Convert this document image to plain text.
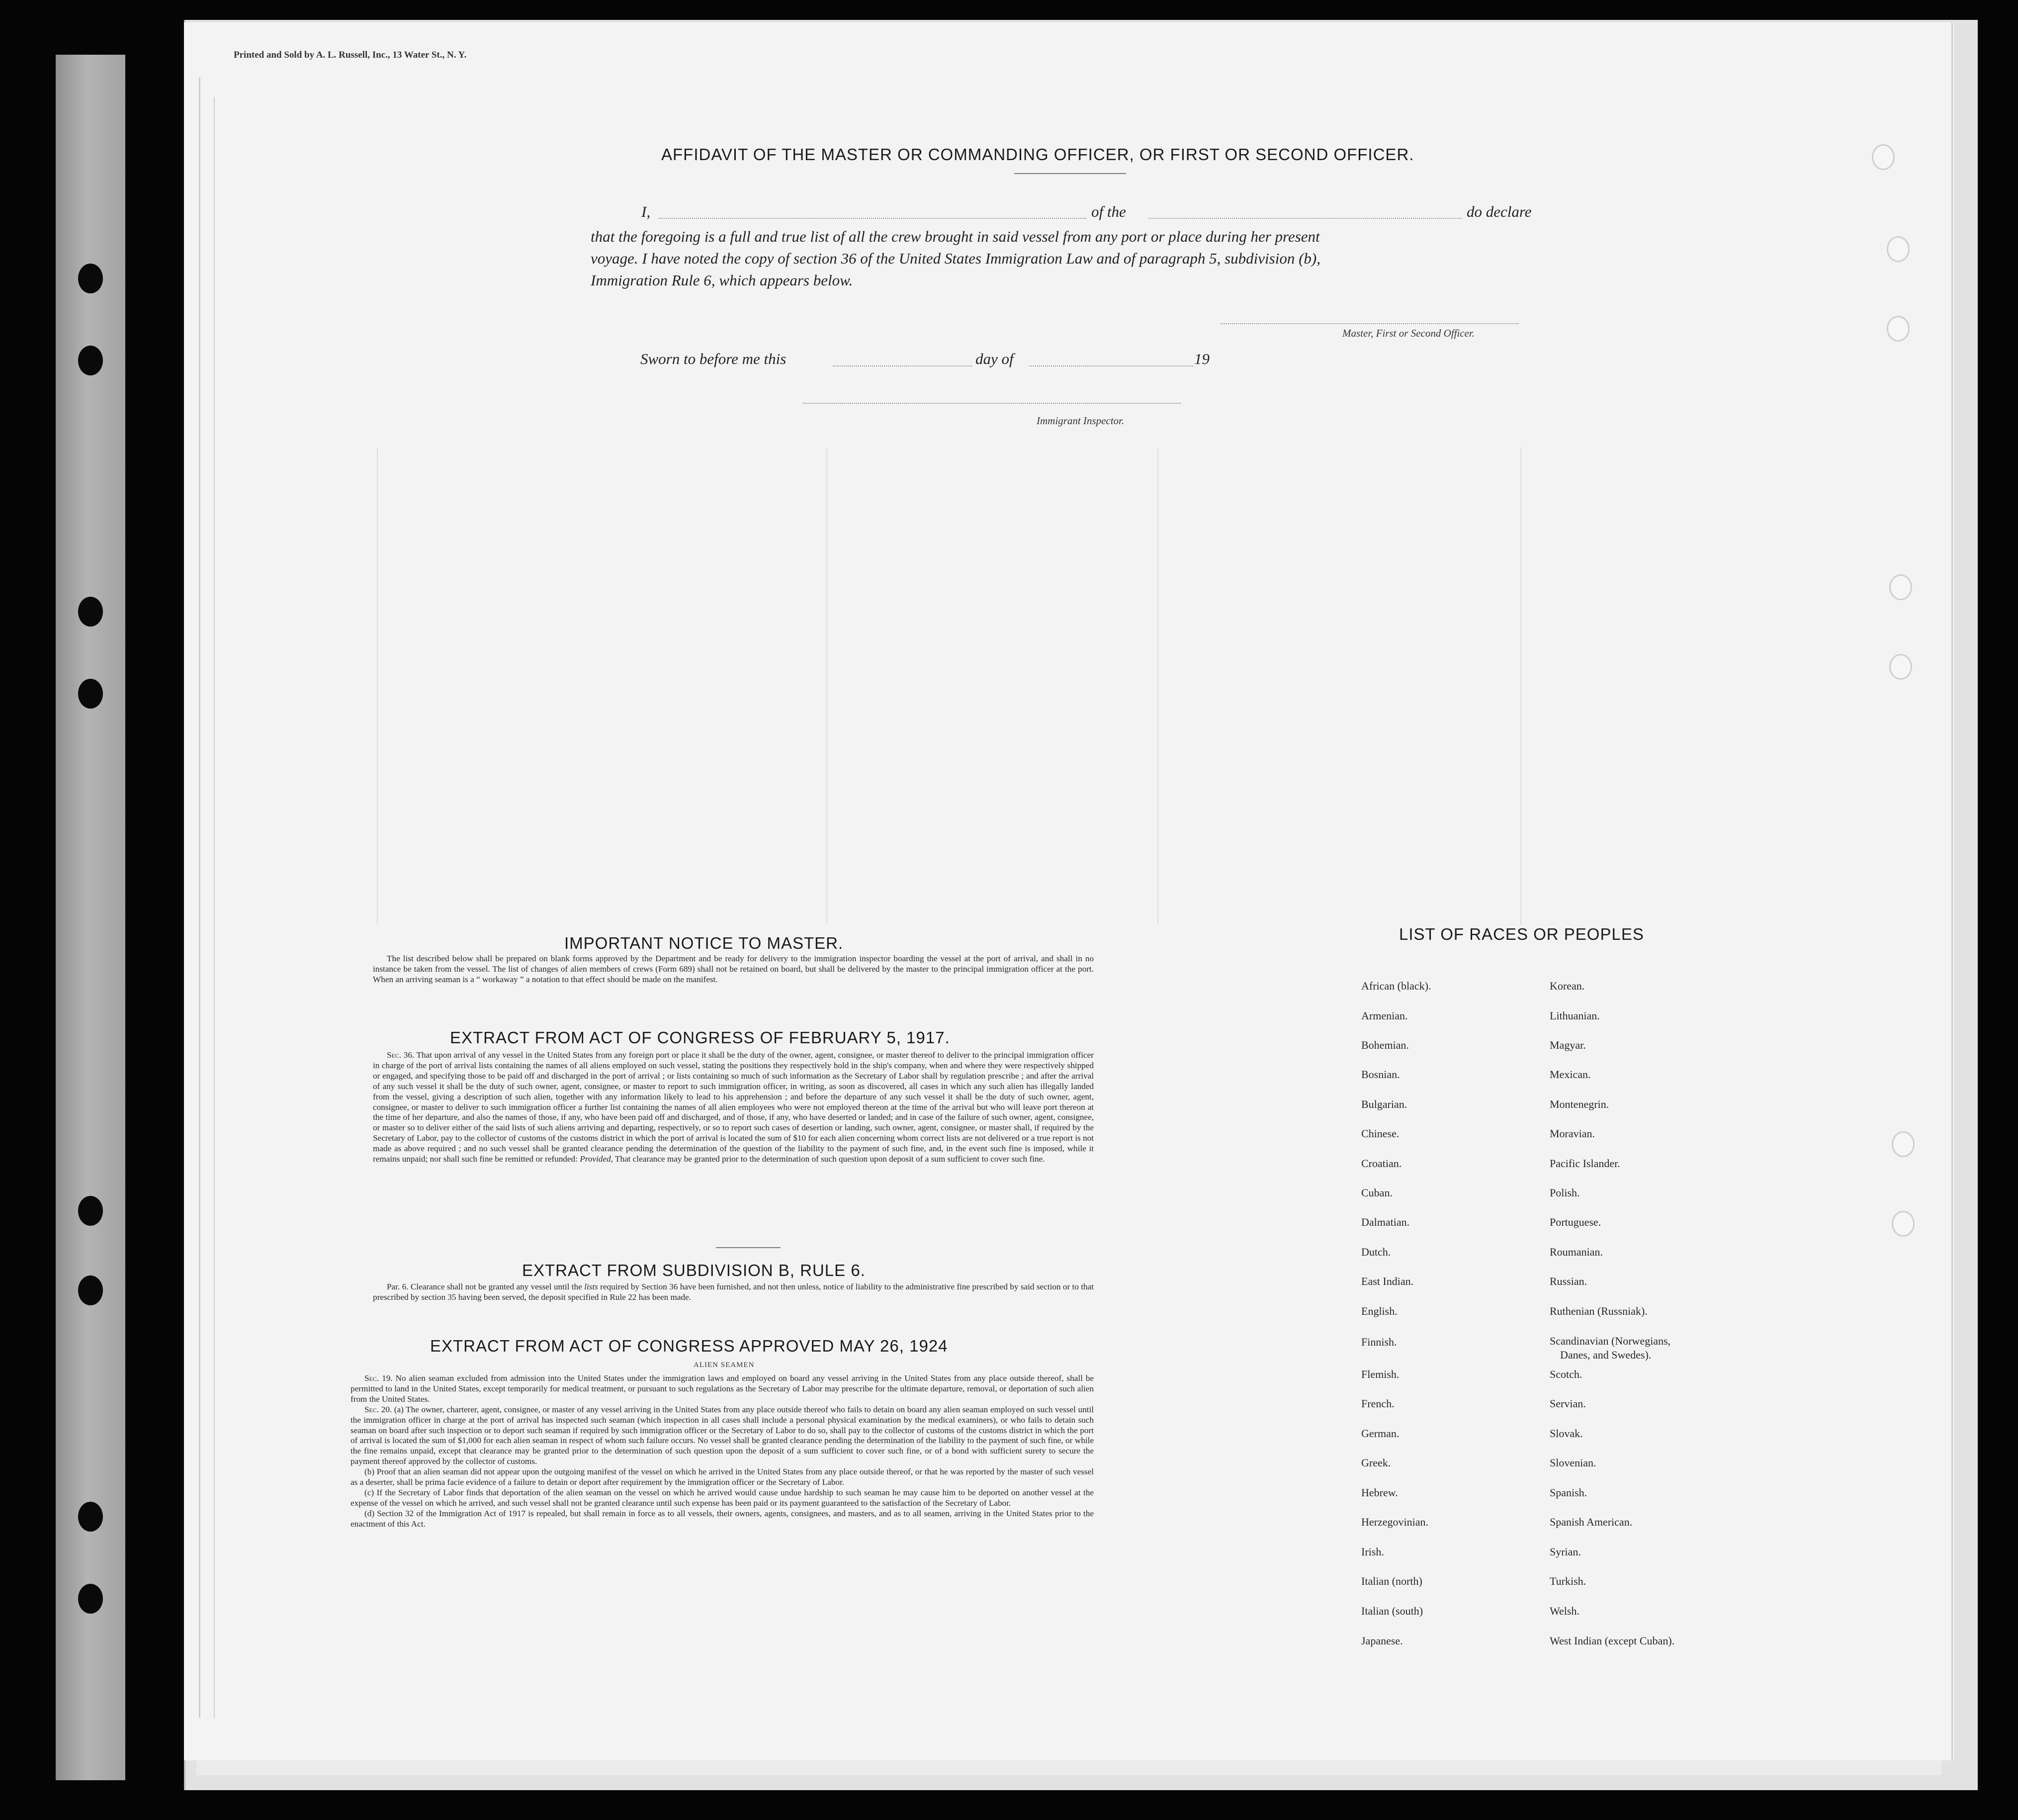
Printed and Sold by A. L. Russell, Inc., 13 Water St., N. Y.
AFFIDAVIT OF THE MASTER OR COMMANDING OFFICER, OR FIRST OR SECOND OFFICER.
I,	of the	do declare
that the foregoing is a full and true list of all the crew brought in said vessel from any port or place during her present
voyage. I have noted the copy of section 36 of the United States Immigration Law and of paragraph 5, subdivision (b),
Immigration Rule 6, which appears below.
Master, First or Second Officer.
Sworn to before me this	day of	19
Immigrant Inspector.
IMPORTANT NOTICE TO MASTER.

The list described below shall be prepared on blank forms approved by the Department and be ready for delivery to the immigration inspector boarding the vessel at the port of arrival, and shall in no instance be taken from the vessel. The list of changes of alien members of crews (Form 689) shall not be retained on board, but shall be delivered by the master to the principal immigration officer at the port. When an arriving seaman is a “ workaway ” a notation to that effect should be made on the manifest.

EXTRACT FROM ACT OF CONGRESS OF FEBRUARY 5, 1917.

Sec. 36. That upon arrival of any vessel in the United States from any foreign port or place it shall be the duty of the owner, agent, consignee, or master thereof to deliver to the principal immigration officer in charge of the port of arrival lists containing the names of all aliens employed on such vessel, stating the positions they respectively hold in the ship's company, when and where they were respectively shipped or engaged, and specifying those to be paid off and discharged in the port of arrival ; or lists containing so much of such information as the Secretary of Labor shall by regulation prescribe ; and after the arrival of any such vessel it shall be the duty of such owner, agent, consignee, or master to report to such immigration officer, in writing, as soon as discovered, all cases in which any such alien has illegally landed from the vessel, giving a description of such alien, together with any information likely to lead to his apprehension ; and before the departure of any such vessel it shall be the duty of such owner, agent, consignee, or master to deliver to such immigration officer a further list containing the names of all alien employees who were not employed thereon at the time of the arrival but who will leave port thereon at the time of her departure, and also the names of those, if any, who have been paid off and discharged, and of those, if any, who have deserted or landed; and in case of the failure of such owner, agent, consignee, or master so to deliver either of the said lists of such aliens arriving and departing, respectively, or so to report such cases of desertion or landing, such owner, agent, consignee, or master shall, if required by the Secretary of Labor, pay to the collector of customs of the customs district in which the port of arrival is located the sum of $10 for each alien concerning whom correct lists are not delivered or a true report is not made as above required ; and no such vessel shall be granted clearance pending the determination of the question of the liability to the payment of such fine, and, in the event such fine is imposed, while it remains unpaid; nor shall such fine be remitted or refunded: Provided, That clearance may be granted prior to the determination of such question upon deposit of a sum sufficient to cover such fine.

EXTRACT FROM SUBDIVISION B, RULE 6.

Par. 6. Clearance shall not be granted any vessel until the lists required by Section 36 have been furnished, and not then unless, notice of liability to the administrative fine prescribed by said section or to that prescribed by section 35 having been served, the deposit specified in Rule 22 has been made.

EXTRACT FROM ACT OF CONGRESS APPROVED MAY 26, 1924
ALIEN SEAMEN

Sec. 19. No alien seaman excluded from admission into the United States under the immigration laws and employed on board any vessel arriving in the United States from any place outside thereof, shall be permitted to land in the United States, except temporarily for medical treatment, or pursuant to such regulations as the Secretary of Labor may prescribe for the ultimate departure, removal, or deportation of such alien from the United States.

Sec. 20. (a) The owner, charterer, agent, consignee, or master of any vessel arriving in the United States from any place outside thereof who fails to detain on board any alien seaman employed on such vessel until the immigration officer in charge at the port of arrival has inspected such seaman (which inspection in all cases shall include a personal physical examination by the medical examiners), or who fails to detain such seaman on board after such inspection or to deport such seaman if required by such immigration officer or the Secretary of Labor to do so, shall pay to the collector of customs of the customs district in which the port of arrival is located the sum of $1,000 for each alien seaman in respect of whom such failure occurs. No vessel shall be granted clearance pending the determination of the liability to the payment of such fine, or while the fine remains unpaid, except that clearance may be granted prior to the determination of such question upon the deposit of a sum sufficient to cover such fine, or of a bond with sufficient surety to secure the payment thereof approved by the collector of customs.

(b) Proof that an alien seaman did not appear upon the outgoing manifest of the vessel on which he arrived in the United States from any place outside thereof, or that he was reported by the master of such vessel as a deserter, shall be prima facie evidence of a failure to detain or deport after requirement by the immigration officer or the Secretary of Labor.

(c) If the Secretary of Labor finds that deportation of the alien seaman on the vessel on which he arrived would cause undue hardship to such seaman he may cause him to be deported on another vessel at the expense of the vessel on which he arrived, and such vessel shall not be granted clearance until such expense has been paid or its payment guaranteed to the satisfaction of the Secretary of Labor.

(d) Section 32 of the Immigration Act of 1917 is repealed, but shall remain in force as to all vessels, their owners, agents, consignees, and masters, and as to all seamen, arriving in the United States prior to the enactment of this Act.

LIST OF RACES OR PEOPLES
African (black).
Armenian.
Bohemian.
Bosnian.
Bulgarian.
Chinese.
Croatian.
Cuban.
Dalmatian.
Dutch.
East Indian.
English.
Finnish.
Flemish.
French.
German.
Greek.
Hebrew.
Herzegovinian.
Irish.
Italian (north)
Italian (south)
Japanese.
Korean.
Lithuanian.
Magyar.
Mexican.
Montenegrin.
Moravian.
Pacific Islander.
Polish.
Portuguese.
Roumanian.
Russian.
Ruthenian (Russniak).
Scandinavian (Norwegians,
Danes, and Swedes).
Scotch.
Servian.
Slovak.
Slovenian.
Spanish.
Spanish American.
Syrian.
Turkish.
Welsh.
West Indian (except Cuban).
